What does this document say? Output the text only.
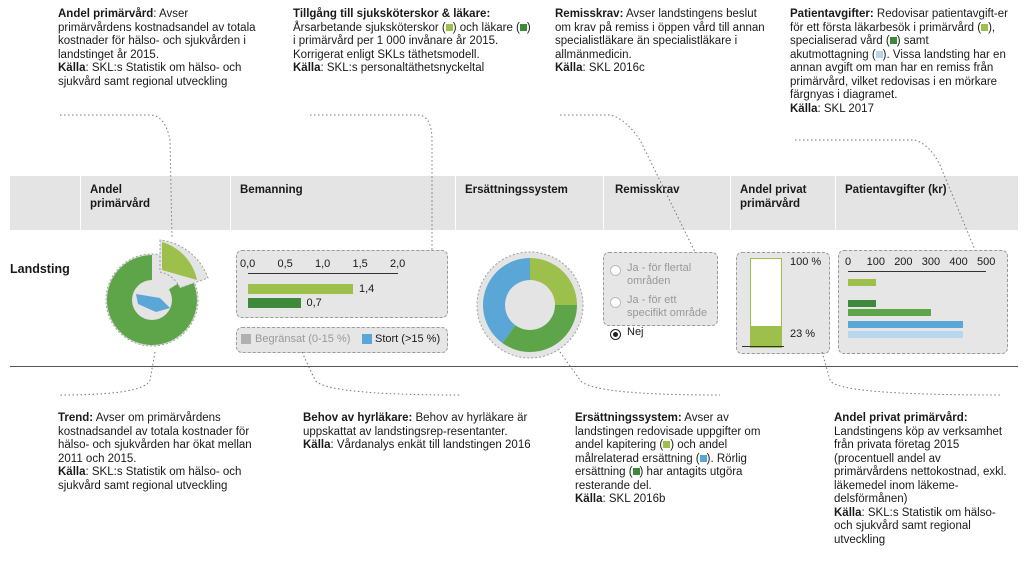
Andel primärvård: Avser primärvårdens kostnadsandel av totala kostnader för hälso- och sjukvården i landstinget år 2015.

Källa: SKL:s Statistik om hälso- och sjukvård samt regional utveckling

Tillgång till sjuksköterskor & läkare:
Årsarbetande sjuksköterskor ( ) och läkare ( ) i primärvård per 1 000 invånare år 2015. Korrigerat enligt SKLs täthetsmodell.

Källa: SKL:s personaltäthetsnyckeltal

Remisskrav: Avser landstingens beslut om krav på remiss i öppen vård till annan specialistläkare än specialistläkare i allmänmedicin.

Källa: SKL 2016c

Patientavgifter: Redovisar patientavgift-er för ett första läkarbesök i primärvård ( ), specialiserad vård ( ) samt akutmottagning ( ). Vissa landsting har en annan avgift om man har en remiss från primärvård, vilket redovisas i en mörkare färgnyas i diagramet.

Källa: SKL 2017

Andel primärvård
Bemanning	Ersättningssystem	Remisskrav	Andel privat primärvård
Patientavgifter (kr)
Landsting
Begränsat (0-15 %) Stort (>15 %)
100 %
23 %

Trend: Avser om primärvårdens kostnadsandel av totala kostnader för hälso- och sjukvården har ökat mellan 2011 och 2015.

Källa: SKL:s Statistik om hälso- och sjukvård samt regional utveckling

Behov av hyrläkare: Behov av hyrläkare är uppskattat av landstingsrep-resentanter.

Källa: Vårdanalys enkät till landstingen 2016

Ersättningssystem: Avser av landstingen redovisade uppgifter om andel kapitering ( ) och andel målrelaterad ersättning ( ). Rörlig ersättning ( ) har antagits utgöra resterande del.

Källa: SKL 2016b

Andel privat primärvård: Landstingens köp av verksamhet från privata företag 2015 (procentuell andel av primärvårdens nettokostnad, exkl. läkemedel inom läkeme-delsförmånen)

Källa: SKL:s Statistik om hälso- och sjukvård samt regional utveckling

0,0 0,5 1,0 1,5 2,0
1,4
0,7
Ja - för flertal områden
Ja - för ett specifikt område
Nej
0 100 200 300 400 500
